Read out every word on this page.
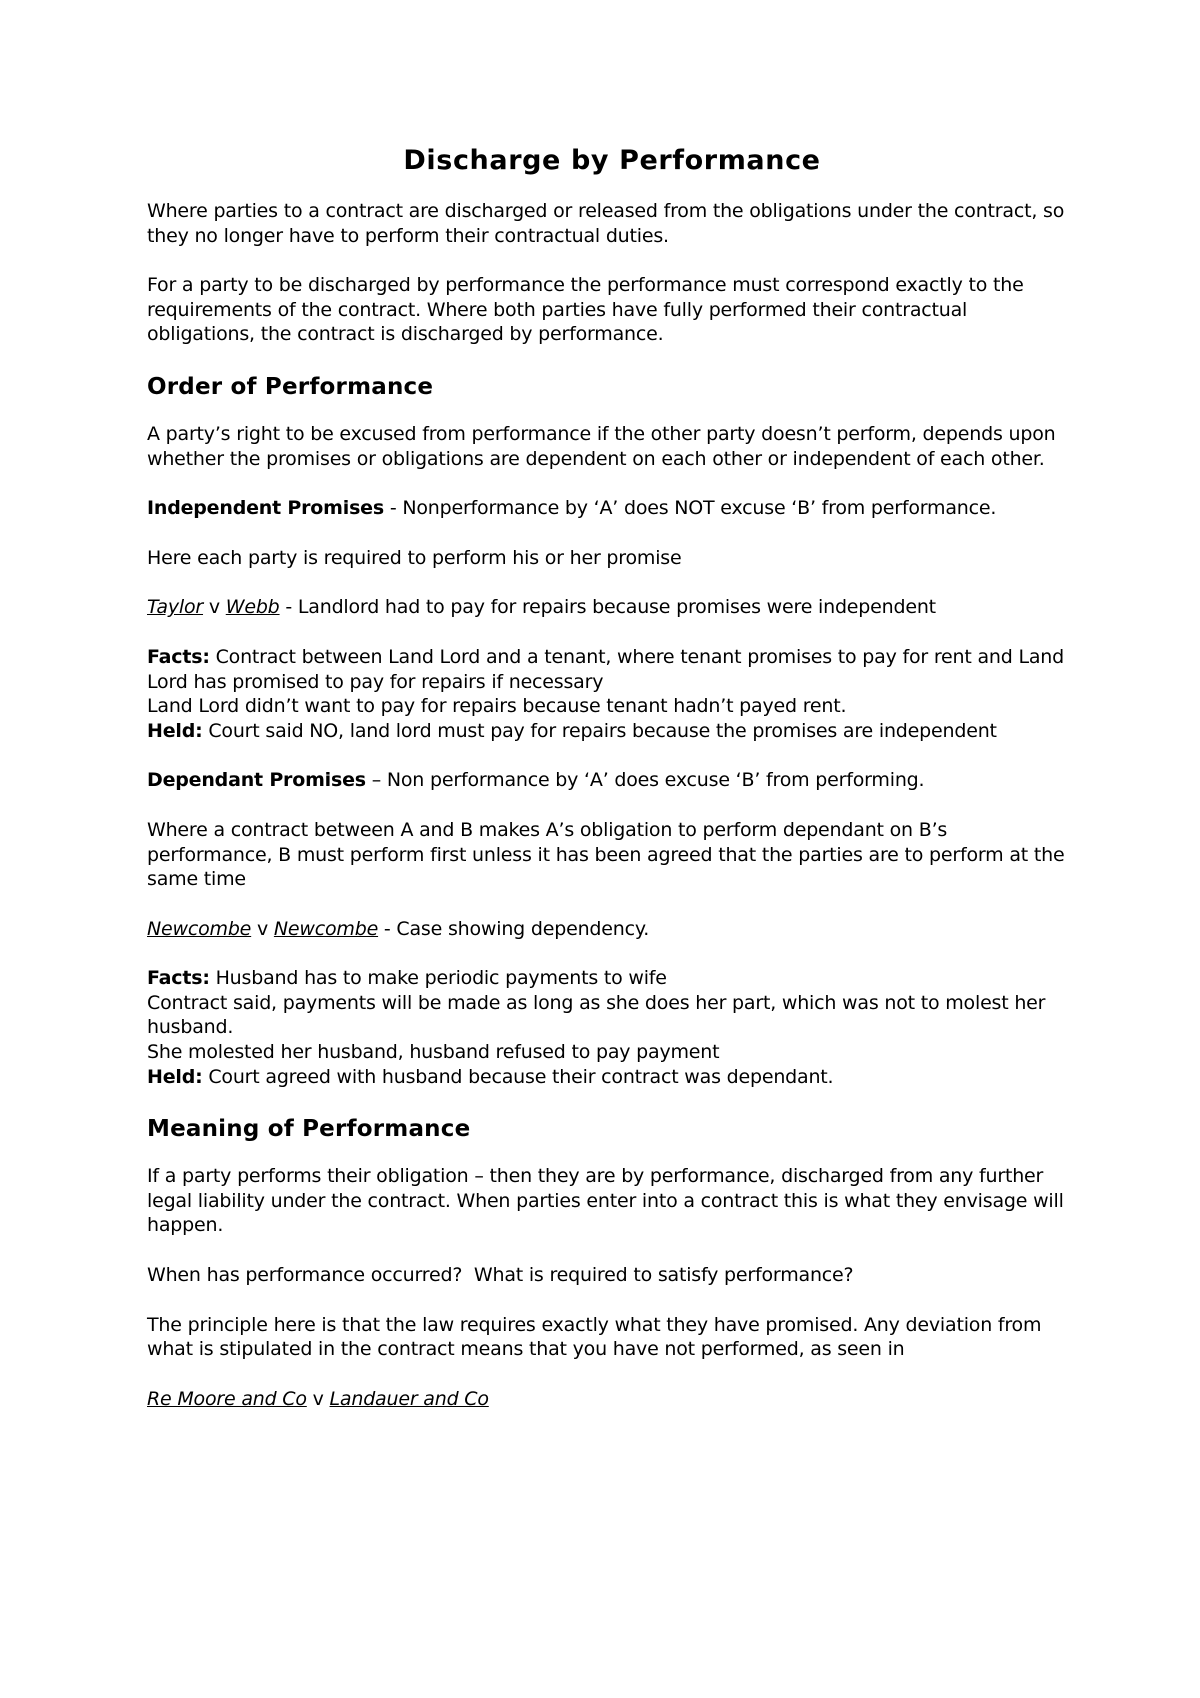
Discharge by Performance

Where parties to a contract are discharged or released from the obligations under the contract, so they no longer have to perform their contractual duties.

For a party to be discharged by performance the performance must correspond exactly to the requirements of the contract. Where both parties have fully performed their contractual obligations, the contract is discharged by performance.

Order of Performance

A party’s right to be excused from performance if the other party doesn’t perform, depends upon whether the promises or obligations are dependent on each other or independent of each other.

Independent Promises - Nonperformance by ‘A’ does NOT excuse ‘B’ from performance.

Here each party is required to perform his or her promise

Taylor v Webb - Landlord had to pay for repairs because promises were independent

Facts: Contract between Land Lord and a tenant, where tenant promises to pay for rent and Land Lord has promised to pay for repairs if necessary
Land Lord didn’t want to pay for repairs because tenant hadn’t payed rent.
Held: Court said NO, land lord must pay for repairs because the promises are independent

Dependant Promises – Non performance by ‘A’ does excuse ‘B’ from performing.

Where a contract between A and B makes A’s obligation to perform dependant on B’s performance, B must perform first unless it has been agreed that the parties are to perform at the same time

Newcombe v Newcombe - Case showing dependency.

Facts: Husband has to make periodic payments to wife
Contract said, payments will be made as long as she does her part, which was not to molest her husband.
She molested her husband, husband refused to pay payment
Held: Court agreed with husband because their contract was dependant.

Meaning of Performance

If a party performs their obligation – then they are by performance, discharged from any further legal liability under the contract. When parties enter into a contract this is what they envisage will happen.

When has performance occurred?  What is required to satisfy performance?

The principle here is that the law requires exactly what they have promised. Any deviation from what is stipulated in the contract means that you have not performed, as seen in

Re Moore and Co v Landauer and Co
